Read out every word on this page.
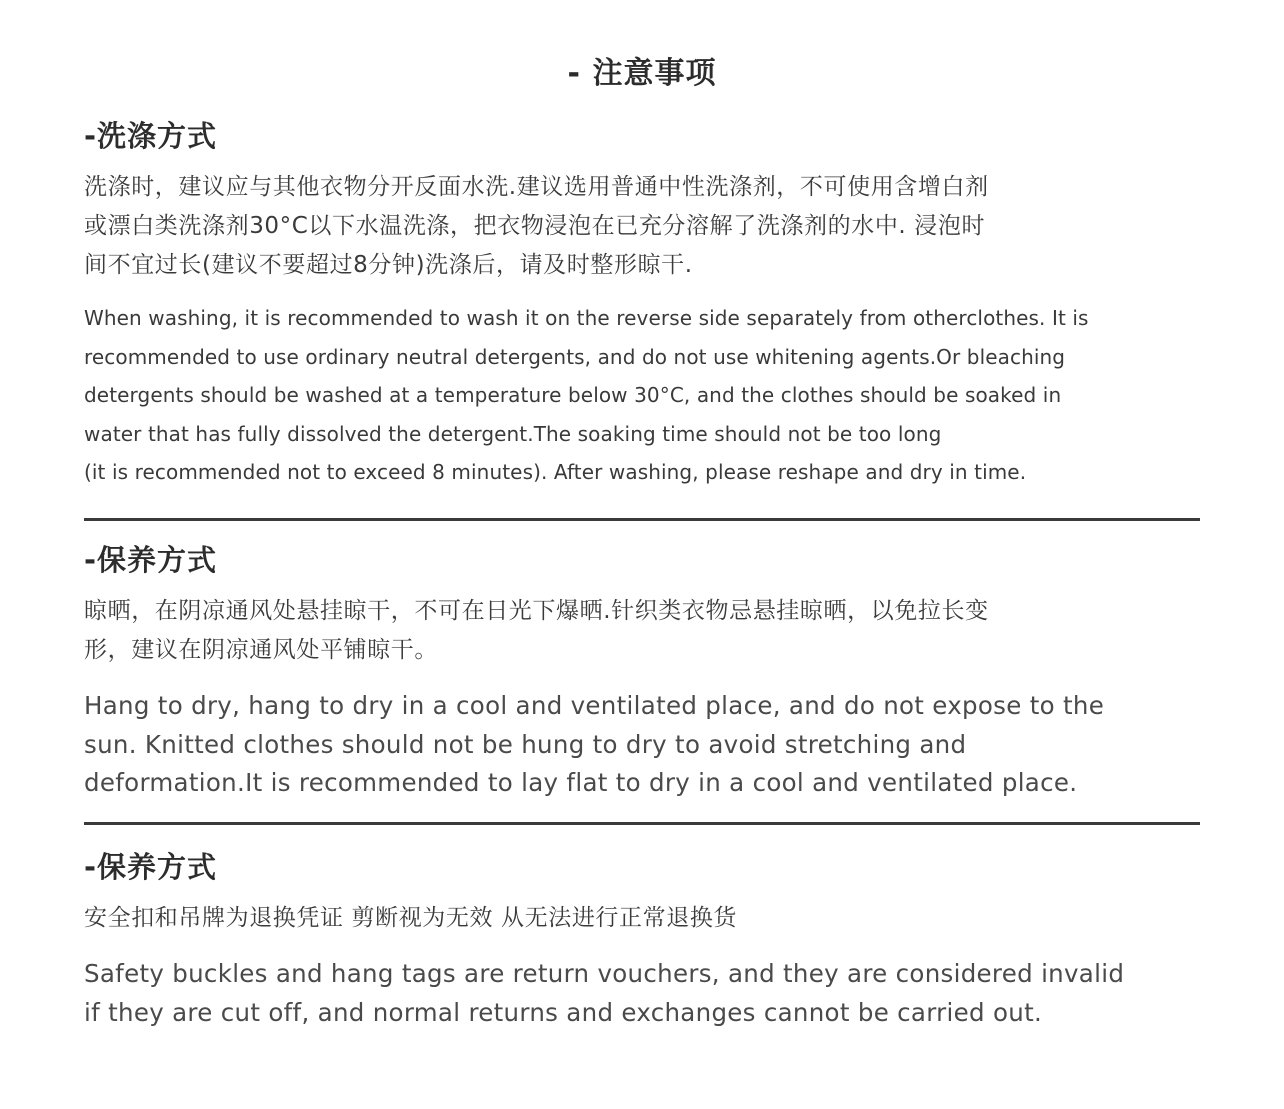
- 注意事项
-洗涤方式

洗涤时，建议应与其他衣物分开反面水洗.建议选用普通中性洗涤剂，不可使用含增白剂
或漂白类洗涤剂30°C以下水温洗涤，把衣物浸泡在已充分溶解了洗涤剂的水中. 浸泡时
间不宜过长(建议不要超过8分钟)洗涤后，请及时整形晾干.

When washing, it is recommended to wash it on the reverse side separately from otherclothes. It is
recommended to use ordinary neutral detergents, and do not use whitening agents.Or bleaching
detergents should be washed at a temperature below 30°C, and the clothes should be soaked in
water that has fully dissolved the detergent.The soaking time should not be too long
(it is recommended not to exceed 8 minutes). After washing, please reshape and dry in time.

-保养方式

晾晒，在阴凉通风处悬挂晾干，不可在日光下爆晒.针织类衣物忌悬挂晾晒，以免拉长变
形，建议在阴凉通风处平铺晾干。

Hang to dry, hang to dry in a cool and ventilated place, and do not expose to the
sun. Knitted clothes should not be hung to dry to avoid stretching and
deformation.It is recommended to lay flat to dry in a cool and ventilated place.

-保养方式

安全扣和吊牌为退换凭证 剪断视为无效 从无法进行正常退换货

Safety buckles and hang tags are return vouchers, and they are considered invalid
if they are cut off, and normal returns and exchanges cannot be carried out.
